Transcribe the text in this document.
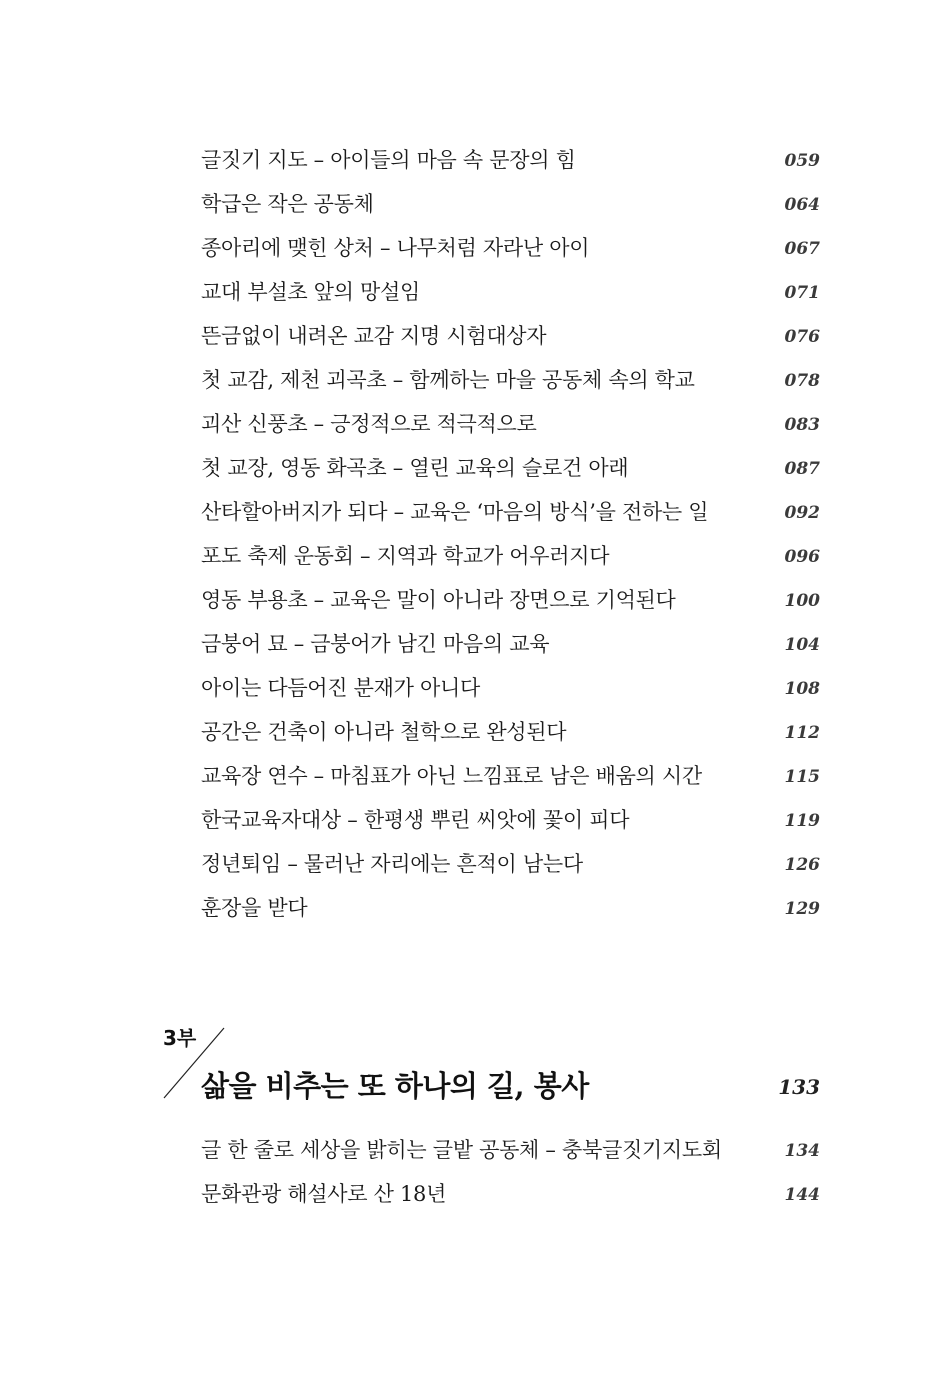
글짓기 지도 – 아이들의 마음 속 문장의 힘	059
학급은 작은 공동체	064
종아리에 맺힌 상처 – 나무처럼 자라난 아이	067
교대 부설초 앞의 망설임	071
뜬금없이 내려온 교감 지명 시험대상자	076
첫 교감, 제천 괴곡초 – 함께하는 마을 공동체 속의 학교	078
괴산 신풍초 – 긍정적으로 적극적으로	083
첫 교장, 영동 화곡초 – 열린 교육의 슬로건 아래	087
산타할아버지가 되다 – 교육은 ‘마음의 방식’을 전하는 일	092
포도 축제 운동회 – 지역과 학교가 어우러지다	096
영동 부용초 – 교육은 말이 아니라 장면으로 기억된다	100
금붕어 묘 – 금붕어가 남긴 마음의 교육	104
아이는 다듬어진 분재가 아니다	108
공간은 건축이 아니라 철학으로 완성된다	112
교육장 연수 – 마침표가 아닌 느낌표로 남은 배움의 시간	115
한국교육자대상 – 한평생 뿌린 씨앗에 꽃이 피다	119
정년퇴임 – 물러난 자리에는 흔적이 남는다	126
훈장을 받다	129
3부
삶을 비추는 또 하나의 길, 봉사	133
글 한 줄로 세상을 밝히는 글밭 공동체 – 충북글짓기지도회	134
문화관광 해설사로 산 18년	144
